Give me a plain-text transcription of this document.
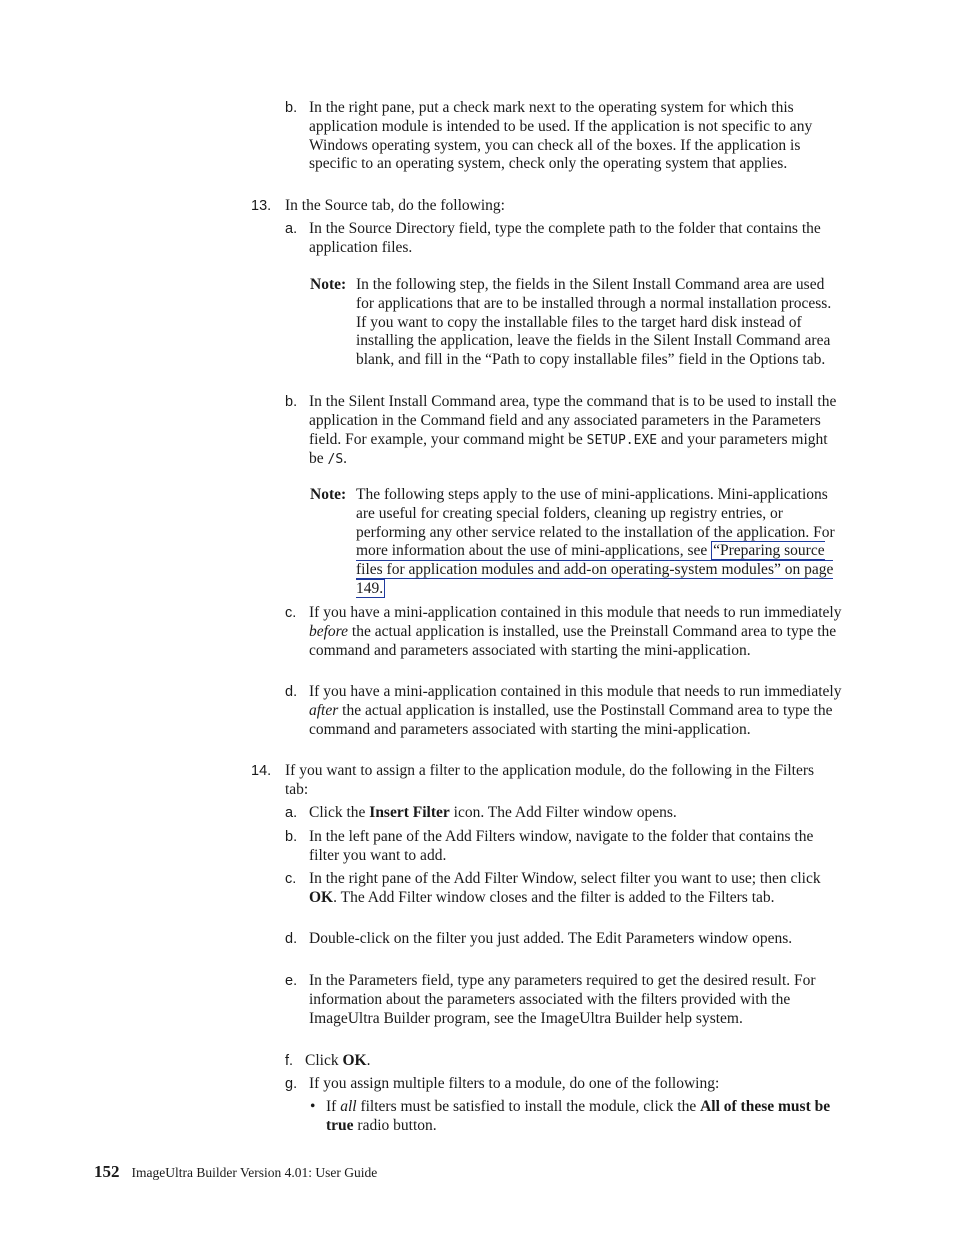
b. In the right pane, put a check mark next to the operating system for which this application module is intended to be used. If the application is not specific to any Windows operating system, you can check all of the boxes. If the application is specific to an operating system, check only the operating system that applies.
13. In the Source tab, do the following:
a. In the Source Directory field, type the complete path to the folder that contains the application files.
Note: In the following step, the fields in the Silent Install Command area are used for applications that are to be installed through a normal installation process. If you want to copy the installable files to the target hard disk instead of installing the application, leave the fields in the Silent Install Command area blank, and fill in the “Path to copy installable files” field in the Options tab.
b. In the Silent Install Command area, type the command that is to be used to install the application in the Command field and any associated parameters in the Parameters field. For example, your command might be SETUP.EXE and your parameters might be /S.
Note: The following steps apply to the use of mini-applications. Mini-applications are useful for creating special folders, cleaning up registry entries, or performing any other service related to the installation of the application. For more information about the use of mini-applications, see “Preparing source files for application modules and add-on operating-system modules” on page 149.
c. If you have a mini-application contained in this module that needs to run immediately before the actual application is installed, use the Preinstall Command area to type the command and parameters associated with starting the mini-application.
d. If you have a mini-application contained in this module that needs to run immediately after the actual application is installed, use the Postinstall Command area to type the command and parameters associated with starting the mini-application.
14. If you want to assign a filter to the application module, do the following in the Filters tab:
a. Click the Insert Filter icon. The Add Filter window opens.
b. In the left pane of the Add Filters window, navigate to the folder that contains the filter you want to add.
c. In the right pane of the Add Filter Window, select filter you want to use; then click OK. The Add Filter window closes and the filter is added to the Filters tab.
d. Double-click on the filter you just added. The Edit Parameters window opens.
e. In the Parameters field, type any parameters required to get the desired result. For information about the parameters associated with the filters provided with the ImageUltra Builder program, see the ImageUltra Builder help system.
f. Click OK.
g. If you assign multiple filters to a module, do one of the following:
• If all filters must be satisfied to install the module, click the All of these must be true radio button.
152 ImageUltra Builder Version 4.01: User Guide
